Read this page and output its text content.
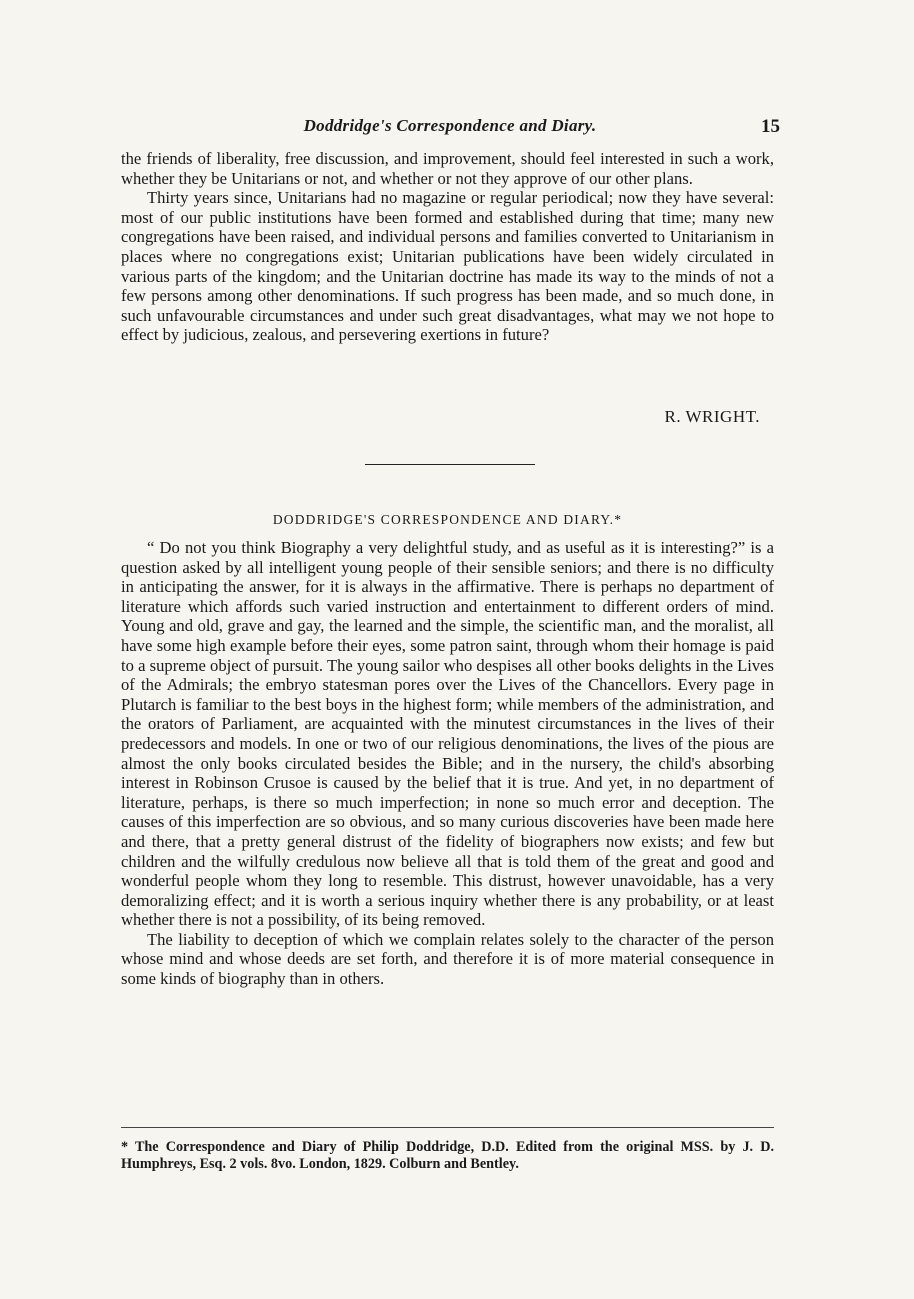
Doddridge's Correspondence and Diary.	15

the friends of liberality, free discussion, and improvement, should feel interested in such a work, whether they be Unitarians or not, and whether or not they approve of our other plans.

Thirty years since, Unitarians had no magazine or regular periodical; now they have several: most of our public institutions have been formed and established during that time; many new congregations have been raised, and individual persons and families converted to Unitarianism in places where no congregations exist; Unitarian publications have been widely circulated in various parts of the kingdom; and the Unitarian doctrine has made its way to the minds of not a few persons among other denominations. If such progress has been made, and so much done, in such unfavourable circumstances and under such great disadvantages, what may we not hope to effect by judicious, zealous, and persevering exertions in future?

R. WRIGHT.
DODDRIDGE'S CORRESPONDENCE AND DIARY.*

“ Do not you think Biography a very delightful study, and as useful as it is interesting?” is a question asked by all intelligent young people of their sensible seniors; and there is no difficulty in anticipating the answer, for it is always in the affirmative. There is perhaps no department of literature which affords such varied instruction and entertainment to different orders of mind. Young and old, grave and gay, the learned and the simple, the scientific man, and the moralist, all have some high example before their eyes, some patron saint, through whom their homage is paid to a supreme object of pursuit. The young sailor who despises all other books delights in the Lives of the Admirals; the embryo statesman pores over the Lives of the Chancellors. Every page in Plutarch is familiar to the best boys in the highest form; while members of the administration, and the orators of Parliament, are acquainted with the minutest circumstances in the lives of their predecessors and models. In one or two of our religious denominations, the lives of the pious are almost the only books circulated besides the Bible; and in the nursery, the child's absorbing interest in Robinson Crusoe is caused by the belief that it is true. And yet, in no department of literature, perhaps, is there so much imperfection; in none so much error and deception. The causes of this imperfection are so obvious, and so many curious discoveries have been made here and there, that a pretty general distrust of the fidelity of biographers now exists; and few but children and the wilfully credulous now believe all that is told them of the great and good and wonderful people whom they long to resemble. This distrust, however unavoidable, has a very demoralizing effect; and it is worth a serious inquiry whether there is any probability, or at least whether there is not a possibility, of its being removed.

The liability to deception of which we complain relates solely to the character of the person whose mind and whose deeds are set forth, and therefore it is of more material consequence in some kinds of biography than in others.

* The Correspondence and Diary of Philip Doddridge, D.D. Edited from the original MSS. by J. D. Humphreys, Esq. 2 vols. 8vo. London, 1829. Colburn and Bentley.
